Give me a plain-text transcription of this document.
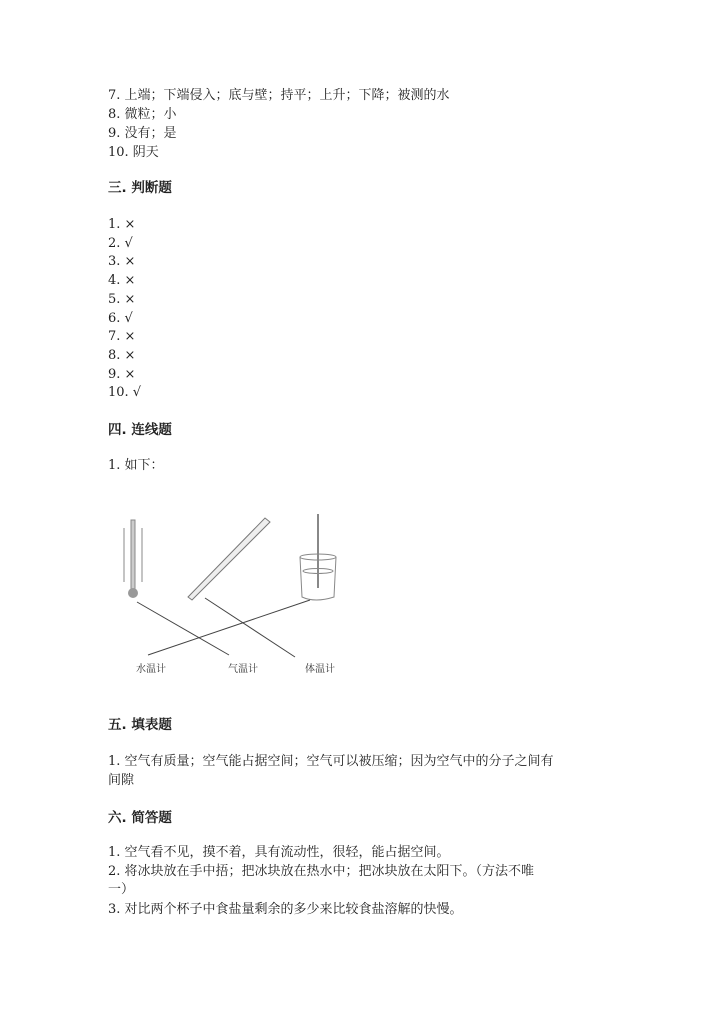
7. 上端；下端侵入；底与壁；持平；上升；下降；被测的水
8. 微粒；小
9. 没有；是
10. 阴天
三. 判断题
1. ×
2. √
3. ×
4. ×
5. ×
6. √
7. ×
8. ×
9. ×
10. √
四. 连线题
1. 如下：
水温计	气温计	体温计
五. 填表题
1. 空气有质量；空气能占据空间；空气可以被压缩；因为空气中的分子之间有
间隙
六. 简答题
1. 空气看不见，摸不着，具有流动性，很轻，能占据空间。
2. 将冰块放在手中捂；把冰块放在热水中；把冰块放在太阳下。（方法不唯
一）
3. 对比两个杯子中食盐量剩余的多少来比较食盐溶解的快慢。
